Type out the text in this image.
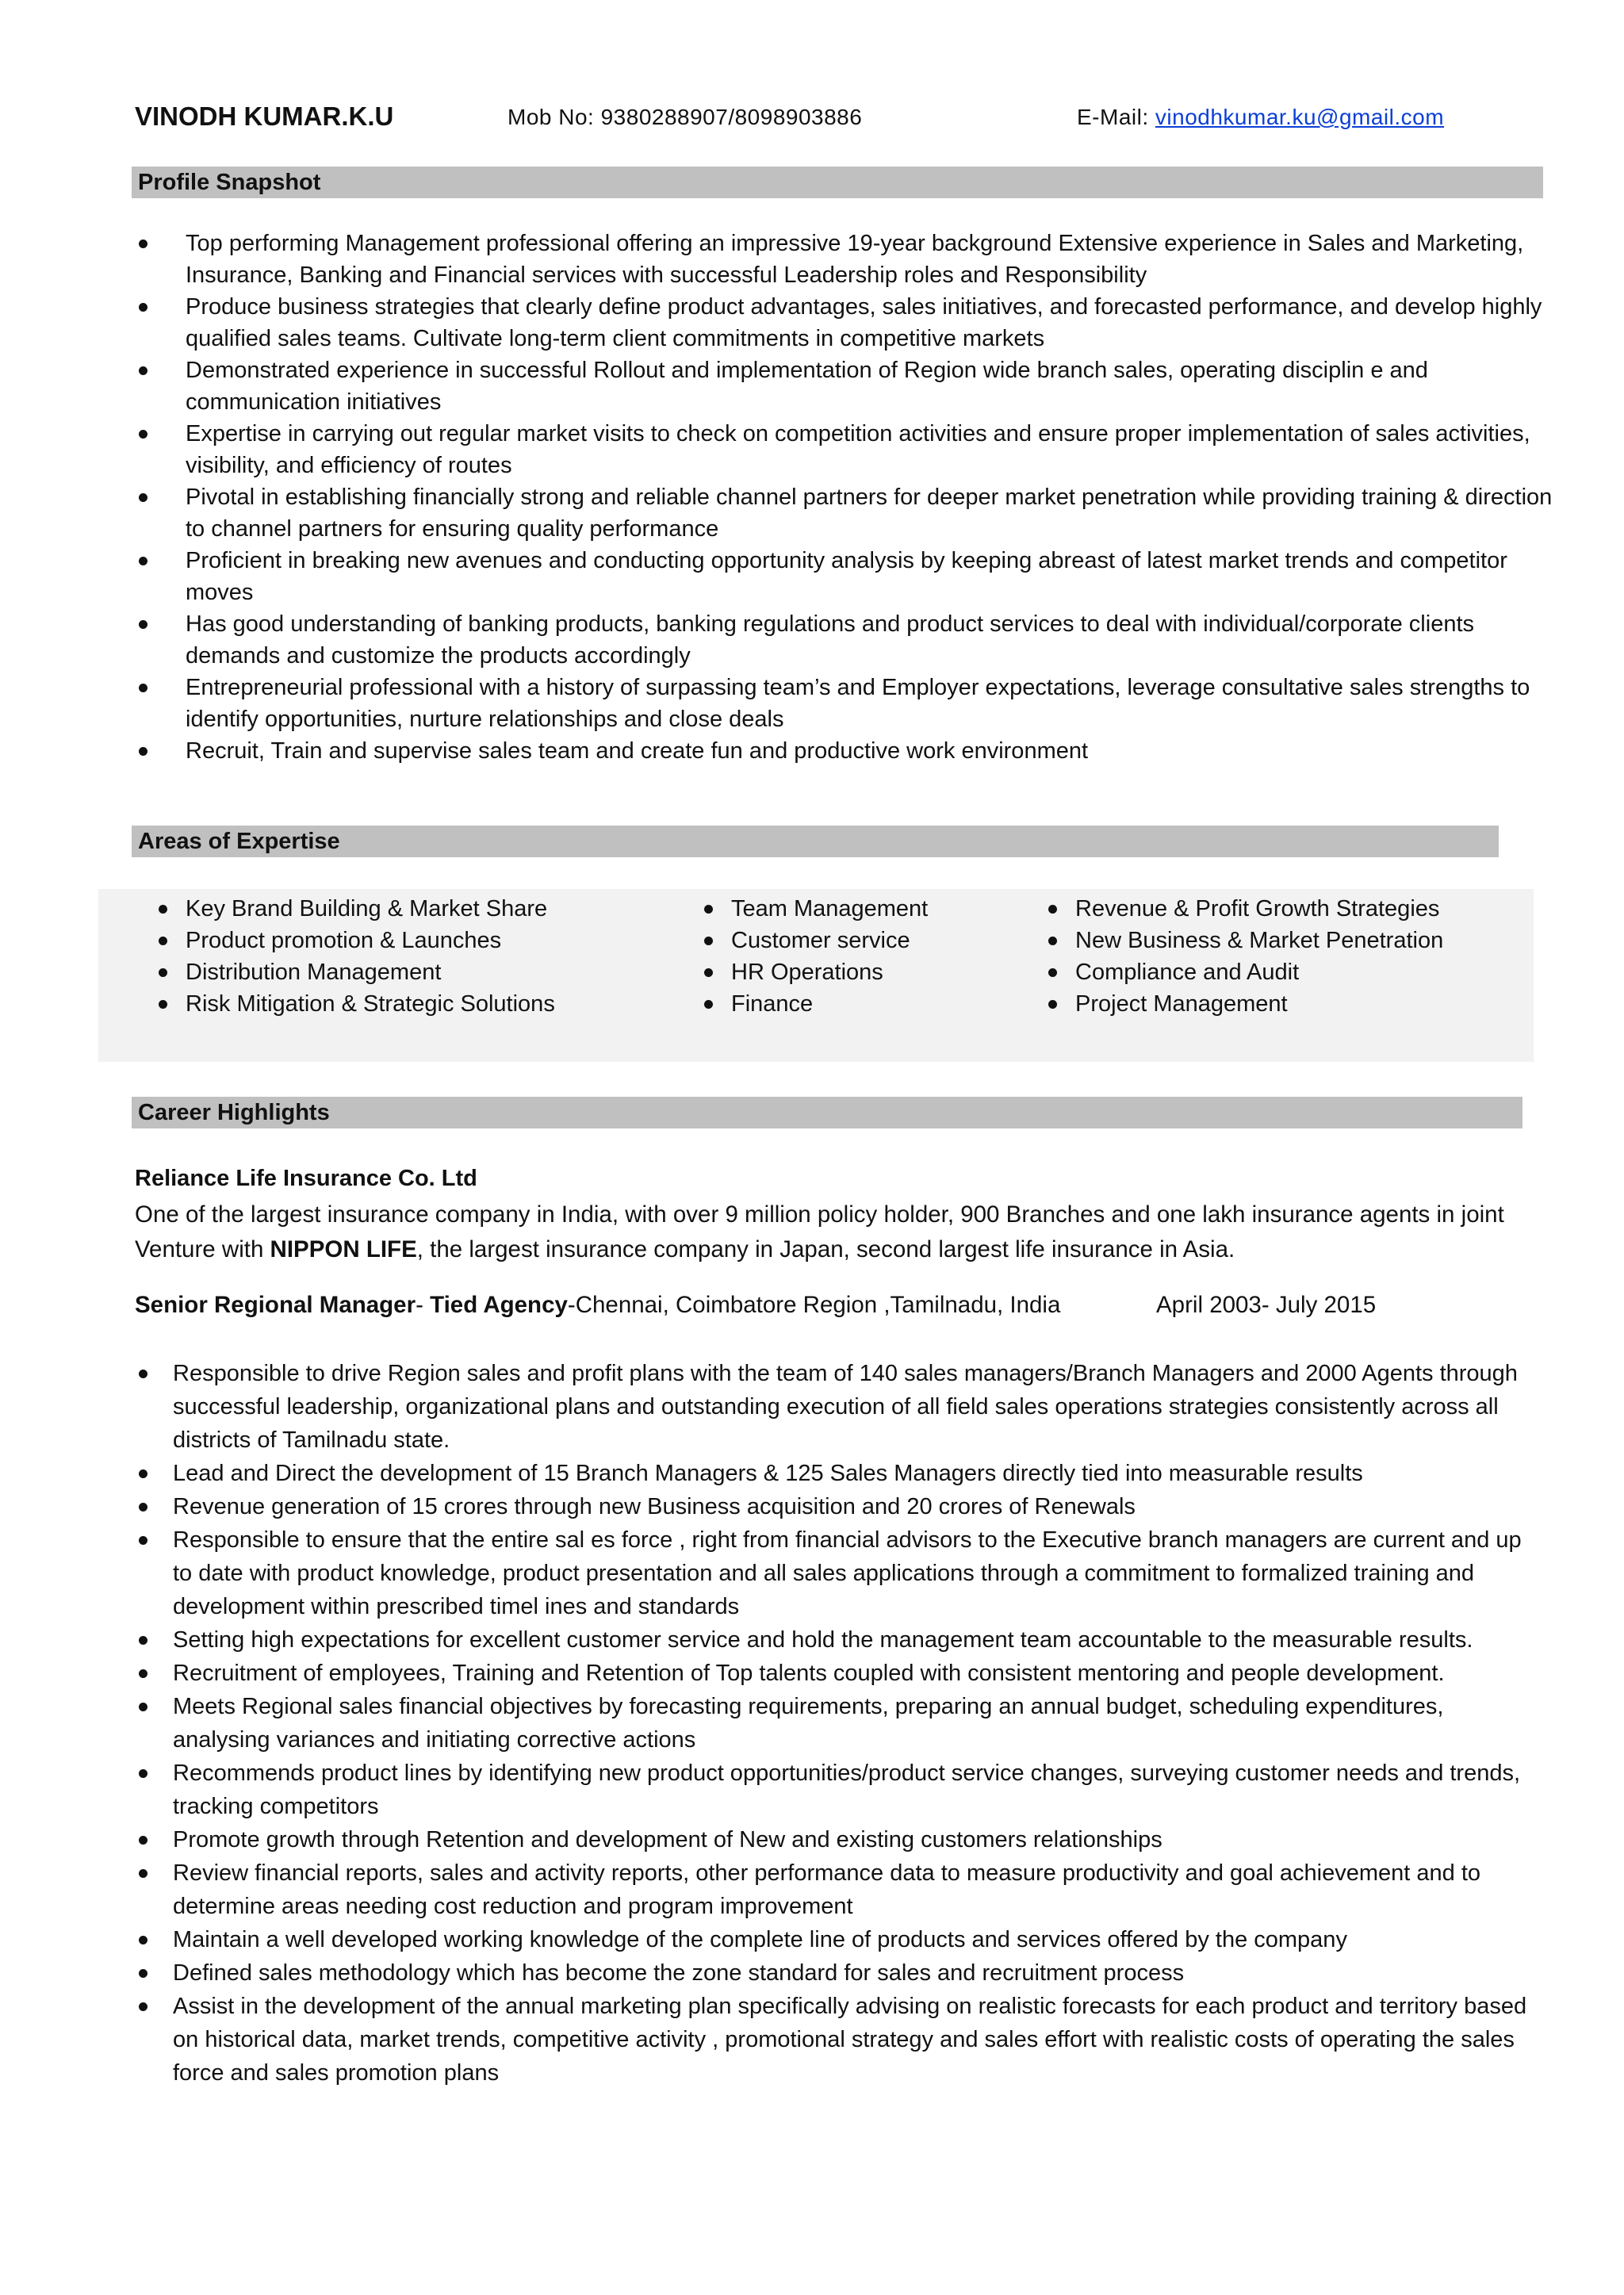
VINODH KUMAR.K.U	Mob No: 9380288907/8098903886	E-Mail: vinodhkumar.ku@gmail.com
Profile Snapshot
Top performing Management professional offering an impressive 19-year background Extensive experience in Sales and Marketing, Insurance, Banking and Financial services with successful Leadership roles and Responsibility
Produce business strategies that clearly define product advantages, sales initiatives, and forecasted performance, and develop highly qualified sales teams. Cultivate long-term client commitments in competitive markets
Demonstrated experience in successful Rollout and implementation of Region wide branch sales, operating disciplin e and communication initiatives
Expertise in carrying out regular market visits to check on competition activities and ensure proper implementation of sales activities, visibility, and efficiency of routes
Pivotal in establishing financially strong and reliable channel partners for deeper market penetration while providing training & direction to channel partners for ensuring quality performance
Proficient in breaking new avenues and conducting opportunity analysis by keeping abreast of latest market trends and competitor moves
Has good understanding of banking products, banking regulations and product services to deal with individual/corporate clients demands and customize the products accordingly
Entrepreneurial professional with a history of surpassing team’s and Employer expectations, leverage consultative sales strengths to identify opportunities, nurture relationships and close deals
Recruit, Train and supervise sales team and create fun and productive work environment
Areas of Expertise
Key Brand Building & Market Share
Product promotion & Launches
Distribution Management
Risk Mitigation & Strategic Solutions
Team Management
Customer service
HR Operations
Finance
Revenue & Profit Growth Strategies
New Business & Market Penetration
Compliance and Audit
Project Management
Career Highlights
Reliance Life Insurance Co. Ltd
One of the largest insurance company in India, with over 9 million policy holder, 900 Branches and one lakh insurance agents in joint Venture with NIPPON LIFE, the largest insurance company in Japan, second largest life insurance in Asia.
Senior Regional Manager- Tied Agency-Chennai, Coimbatore Region ,Tamilnadu, India	April 2003- July 2015
Responsible to drive Region sales and profit plans with the team of 140 sales managers/Branch Managers and 2000 Agents through successful leadership, organizational plans and outstanding execution of all field sales operations strategies consistently across all districts of Tamilnadu state.
Lead and Direct the development of 15 Branch Managers & 125 Sales Managers directly tied into measurable results
Revenue generation of 15 crores through new Business acquisition and 20 crores of Renewals
Responsible to ensure that the entire sal es force , right from financial advisors to the Executive branch managers are current and up to date with product knowledge, product presentation and all sales applications through a commitment to formalized training and development within prescribed timel ines and standards
Setting high expectations for excellent customer service and hold the management team accountable to the measurable results.
Recruitment of employees, Training and Retention of Top talents coupled with consistent mentoring and people development.
Meets Regional sales financial objectives by forecasting requirements, preparing an annual budget, scheduling expenditures, analysing variances and initiating corrective actions
Recommends product lines by identifying new product opportunities/product service changes, surveying customer needs and trends, tracking competitors
Promote growth through Retention and development of New and existing customers relationships
Review financial reports, sales and activity reports, other performance data to measure productivity and goal achievement and to determine areas needing cost reduction and program improvement
Maintain a well developed working knowledge of the complete line of products and services offered by the company
Defined sales methodology which has become the zone standard for sales and recruitment process
Assist in the development of the annual marketing plan specifically advising on realistic forecasts for each product and territory based on historical data, market trends, competitive activity , promotional strategy and sales effort with realistic costs of operating the sales force and sales promotion plans
